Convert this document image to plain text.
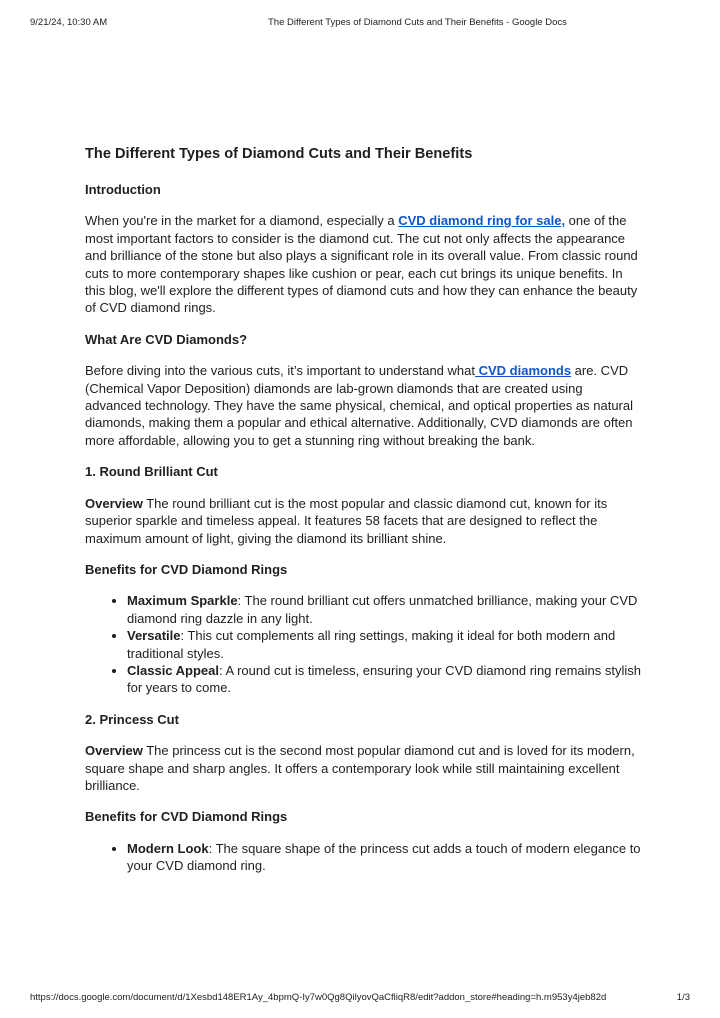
9/21/24, 10:30 AM	The Different Types of Diamond Cuts and Their Benefits - Google Docs
The Different Types of Diamond Cuts and Their Benefits
Introduction

When you're in the market for a diamond, especially a CVD diamond ring for sale, one of the most important factors to consider is the diamond cut. The cut not only affects the appearance and brilliance of the stone but also plays a significant role in its overall value. From classic round cuts to more contemporary shapes like cushion or pear, each cut brings its unique benefits. In this blog, we'll explore the different types of diamond cuts and how they can enhance the beauty of CVD diamond rings.

What Are CVD Diamonds?

Before diving into the various cuts, it’s important to understand what CVD diamonds are. CVD (Chemical Vapor Deposition) diamonds are lab-grown diamonds that are created using advanced technology. They have the same physical, chemical, and optical properties as natural diamonds, making them a popular and ethical alternative. Additionally, CVD diamonds are often more affordable, allowing you to get a stunning ring without breaking the bank.

1. Round Brilliant Cut

Overview The round brilliant cut is the most popular and classic diamond cut, known for its superior sparkle and timeless appeal. It features 58 facets that are designed to reflect the maximum amount of light, giving the diamond its brilliant shine.

Benefits for CVD Diamond Rings
• Maximum Sparkle: The round brilliant cut offers unmatched brilliance, making your CVD diamond ring dazzle in any light.
• Versatile: This cut complements all ring settings, making it ideal for both modern and traditional styles.
• Classic Appeal: A round cut is timeless, ensuring your CVD diamond ring remains stylish for years to come.
2. Princess Cut

Overview The princess cut is the second most popular diamond cut and is loved for its modern, square shape and sharp angles. It offers a contemporary look while still maintaining excellent brilliance.

Benefits for CVD Diamond Rings
• Modern Look: The square shape of the princess cut adds a touch of modern elegance to your CVD diamond ring.
https://docs.google.com/document/d/1Xesbd148ER1Ay_4bpmQ-Iy7w0Qg8QilyovQaCfliqR8/edit?addon_store#heading=h.m953y4jeb82d	1/3
